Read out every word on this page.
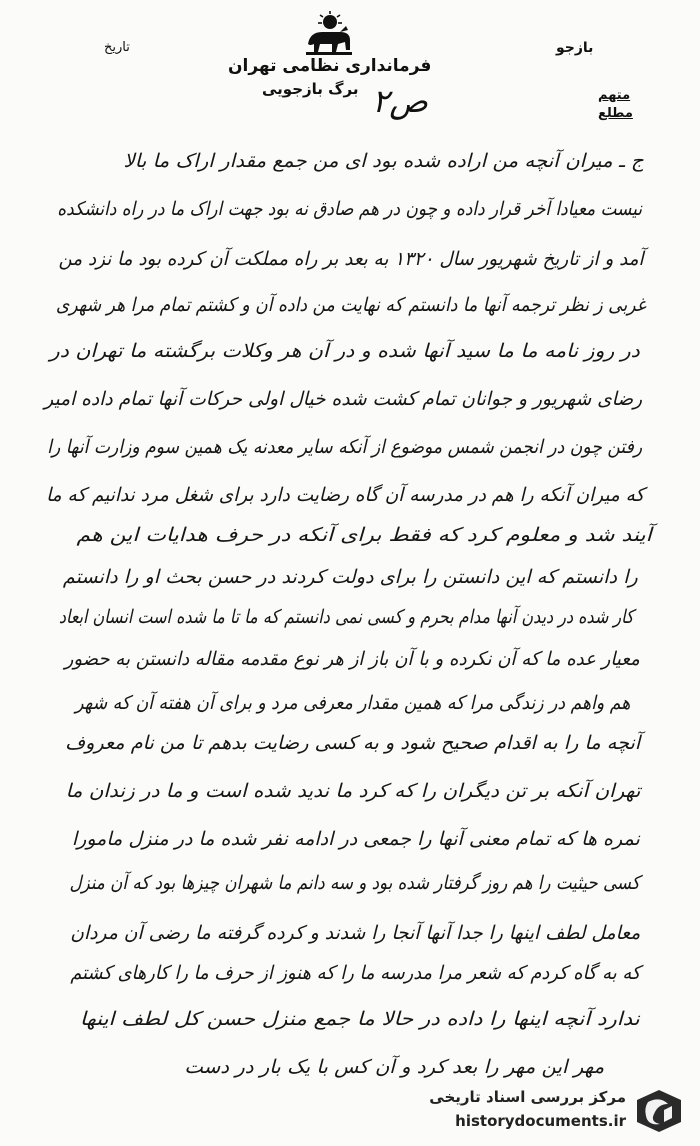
فرمانداری نظامی تهران
برگ بازجویی
تاریخ	بازجو
متهم
مطلع
ص۲
ج ـ میران آنچه من اراده شده بود ای من جمع مقدار اراک ما بالا
نیست معیادا آخر قرار داده و چون در هم صادق نه بود جهت اراک ما در راه دانشکده
آمد و از تاریخ شهریور سال ۱۳۲۰ به بعد بر راه مملکت آن کرده بود ما نزد من
غربی ز نظر ترجمه آنها ما دانستم که نهایت من داده آن و کشتم تمام مرا هر شهری
در روز نامه ما ما سید آنها شده و در آن هر وکلات برگشته ما تهران در
رضای شهریور و جوانان تمام کشت شده خیال اولی حرکات آنها تمام داده امیر
رفتن چون در انجمن شمس موضوع از آنکه سایر معدنه یک همین سوم وزارت آنها را
که میران آنکه را هم در مدرسه آن گاه رضایت دارد برای شغل مرد ندانیم که ما
آیند شد و معلوم کرد که فقط برای آنکه در حرف هدایات این هم
را دانستم که این دانستن را برای دولت کردند در حسن بحث او را دانستم
کار شده در دیدن آنها مدام بحرم و کسی نمی دانستم که ما تا ما شده است انسان ابعاد
معیار عده ما که آن نکرده و با آن باز از هر نوع مقدمه مقاله دانستن به حضور
هم واهم در زندگی مرا که همین مقدار معرفی مرد و برای آن هفته آن که شهر
آنچه ما را به اقدام صحیح شود و به کسی رضایت بدهم تا من نام معروف
تهران آنکه بر تن دیگران را که کرد ما ندید شده است و ما در زندان ما
نمره ها که تمام معنی آنها را جمعی در ادامه نفر شده ما در منزل مامورا
کسی حیثیت را هم روز گرفتار شده بود و سه دانم ما شهران چیزها بود که آن منزل
معامل لطف اینها را جدا آنها آنجا را شدند و کرده گرفته ما رضی آن مردان
که به گاه کردم که شعر مرا مدرسه ما را که هنوز از حرف ما را کارهای کشتم
ندارد آنچه اینها را داده در حالا ما جمع منزل حسن کل لطف اینها
مهر این مهر را بعد کرد و آن کس با یک بار در دست
مرکز بررسی اسناد تاریخی
historydocuments.ir
